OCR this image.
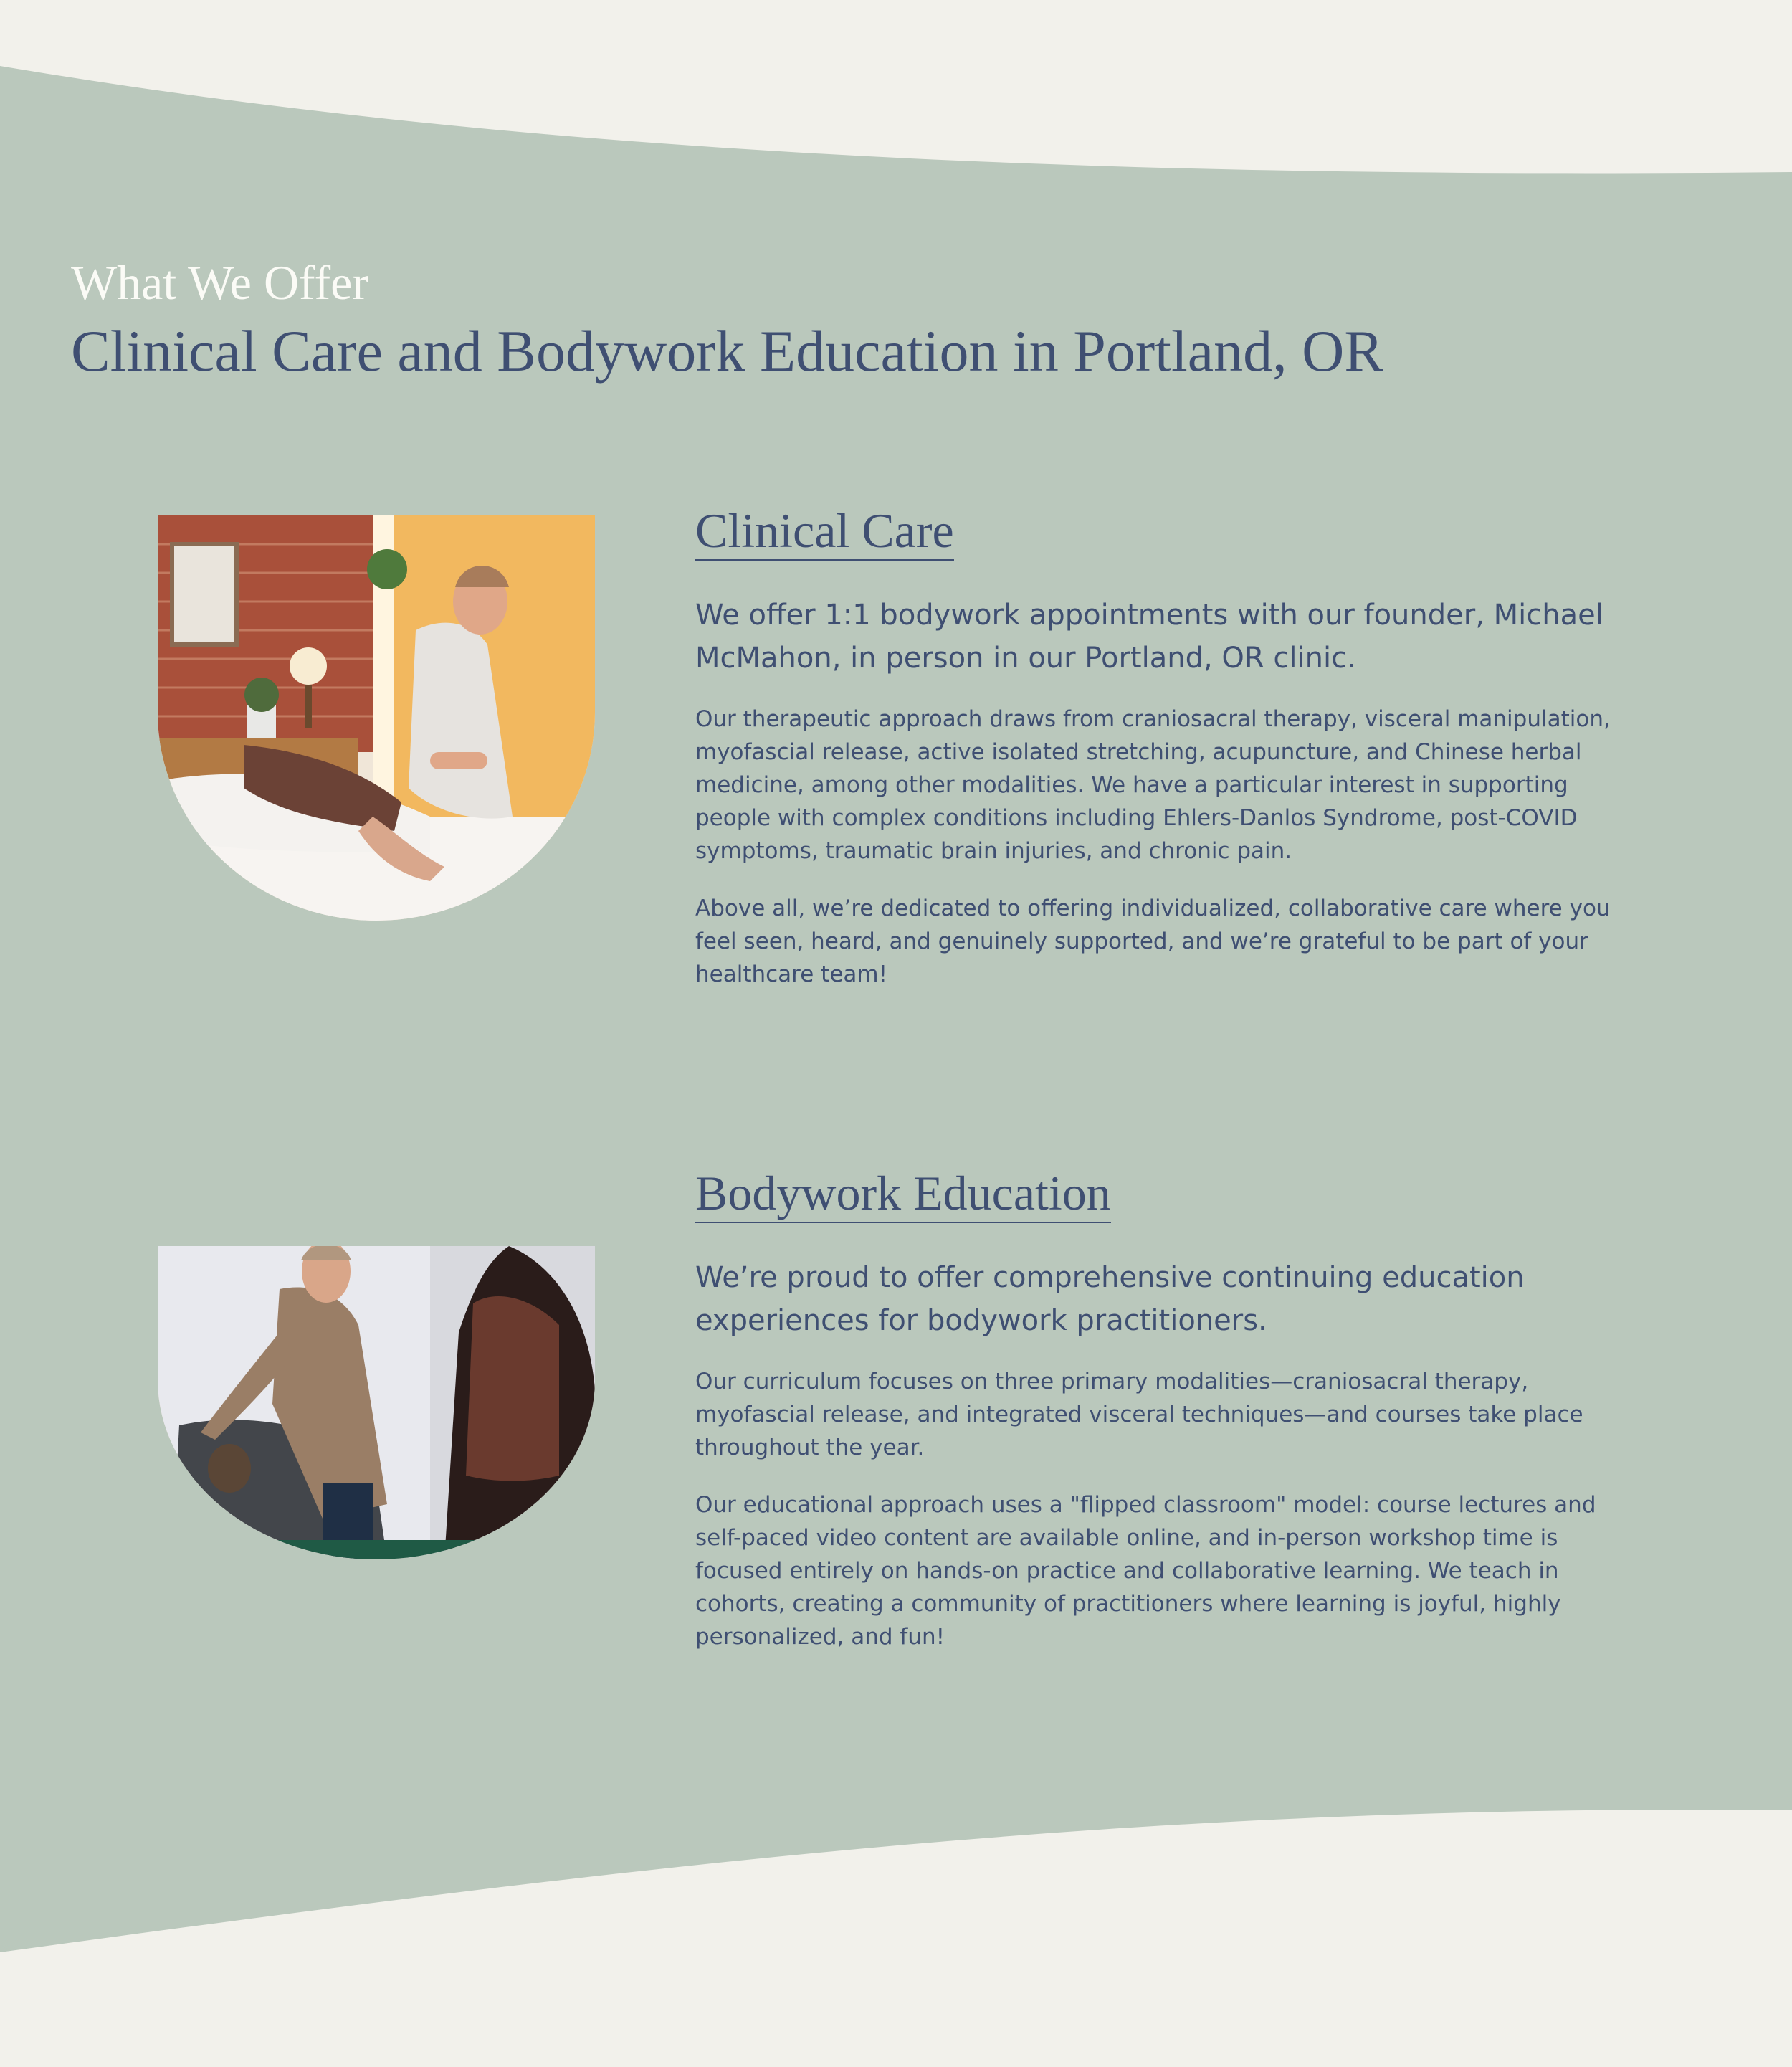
What We Offer

Clinical Care and Bodywork Education in Portland, OR
Clinical Care

We offer 1:1 bodywork appointments with our founder, Michael McMahon, in person in our Portland, OR clinic.

Our therapeutic approach draws from craniosacral therapy, visceral manipulation, myofascial release, active isolated stretching, acupuncture, and Chinese herbal medicine, among other modalities. We have a particular interest in supporting people with complex conditions including Ehlers-Danlos Syndrome, post-COVID symptoms, traumatic brain injuries, and chronic pain.

Above all, we’re dedicated to offering individualized, collaborative care where you feel seen, heard, and genuinely supported, and we’re grateful to be part of your healthcare team!

Bodywork Education

We’re proud to offer comprehensive continuing education experiences for bodywork practitioners.

Our curriculum focuses on three primary modalities—craniosacral therapy, myofascial release, and integrated visceral techniques—and courses take place throughout the year.

Our educational approach uses a "flipped classroom" model: course lectures and self-paced video content are available online, and in-person workshop time is focused entirely on hands-on practice and collaborative learning. We teach in cohorts, creating a community of practitioners where learning is joyful, highly personalized, and fun!
